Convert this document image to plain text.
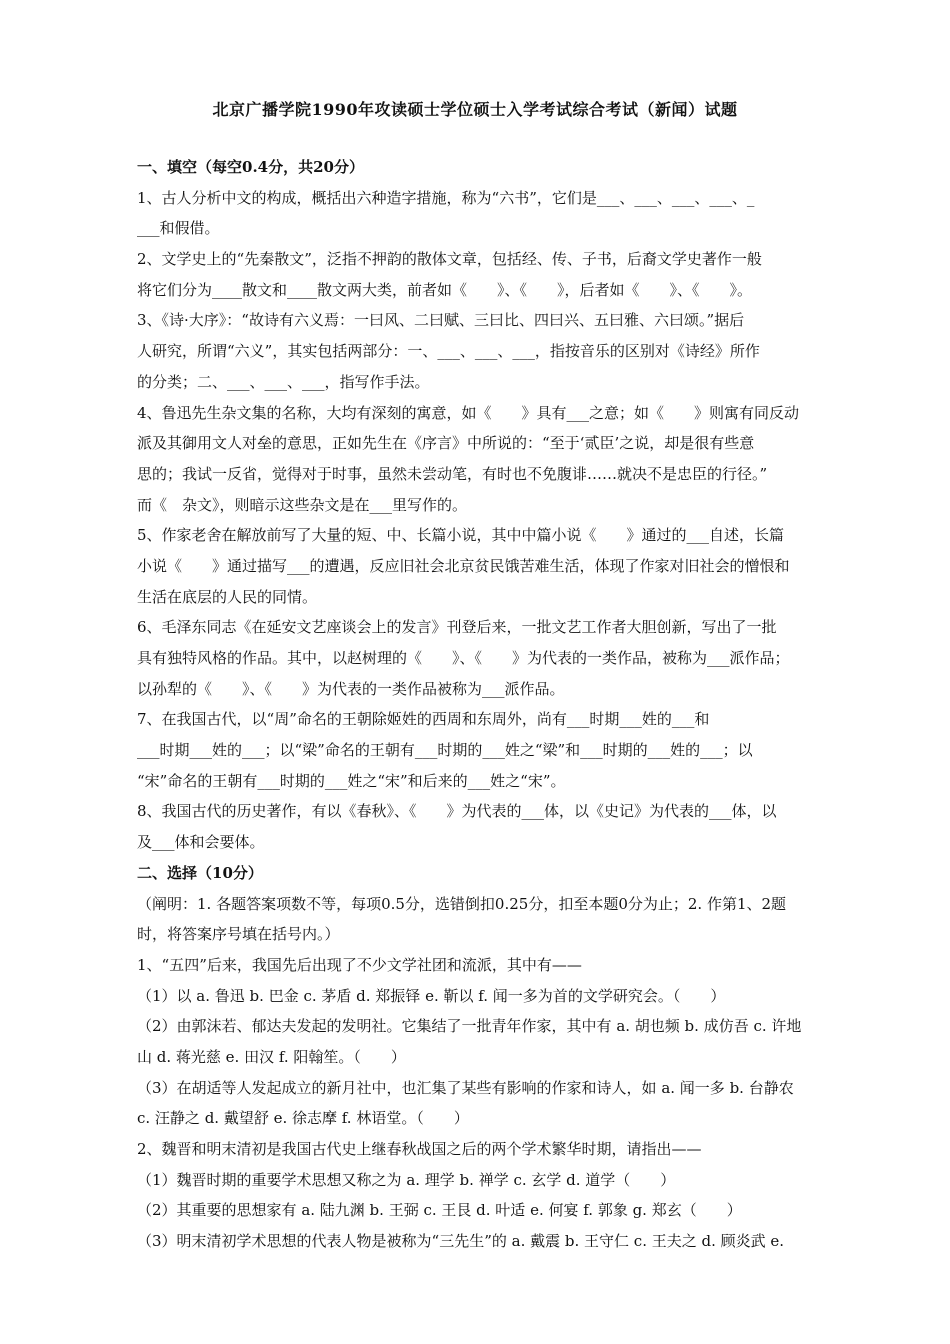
北京广播学院1990年攻读硕士学位硕士入学考试综合考试（新闻）试题
一、填空（每空0.4分，共20分）
1、古人分析中文的构成，概括出六种造字措施，称为“六书”，它们是___、___、___、___、_
___和假借。
2、文学史上的“先秦散文”，泛指不押韵的散体文章，包括经、传、子书，后裔文学史著作一般
将它们分为____散文和____散文两大类，前者如《　　》、《　　》，后者如《　　》、《　　》。
3、《诗·大序》：“故诗有六义焉：一曰风、二曰赋、三曰比、四曰兴、五曰雅、六曰颂。”据后
人研究，所谓“六义”，其实包括两部分：一、___、___、___，指按音乐的区别对《诗经》所作
的分类；二、___、___、___，指写作手法。
4、鲁迅先生杂文集的名称，大均有深刻的寓意，如《　　》具有___之意；如《　　》则寓有同反动
派及其御用文人对垒的意思，正如先生在《序言》中所说的：“至于‘贰臣’之说，却是很有些意
思的；我试一反省，觉得对于时事，虽然未尝动笔，有时也不免腹诽……就决不是忠臣的行径。”
而《　杂文》，则暗示这些杂文是在___里写作的。
5、作家老舍在解放前写了大量的短、中、长篇小说，其中中篇小说《　　》通过的___自述，长篇
小说《　　》通过描写___的遭遇，反应旧社会北京贫民饿苦难生活，体现了作家对旧社会的憎恨和
生活在底层的人民的同情。
6、毛泽东同志《在延安文艺座谈会上的发言》刊登后来，一批文艺工作者大胆创新，写出了一批
具有独特风格的作品。其中，以赵树理的《　　》、《　　》为代表的一类作品，被称为___派作品；
以孙犁的《　　》、《　　》为代表的一类作品被称为___派作品。
7、在我国古代，以“周”命名的王朝除姬姓的西周和东周外，尚有___时期___姓的___和
___时期___姓的___；以“梁”命名的王朝有___时期的___姓之“梁”和___时期的___姓的___；以
“宋”命名的王朝有___时期的___姓之“宋”和后来的___姓之“宋”。
8、我国古代的历史著作，有以《春秋》、《　　》为代表的___体，以《史记》为代表的___体，以
及___体和会要体。
二、选择（10分）
（阐明：1. 各题答案项数不等，每项0.5分，选错倒扣0.25分，扣至本题0分为止；2. 作第1、2题
时，将答案序号填在括号内。）
1、“五四”后来，我国先后出现了不少文学社团和流派，其中有——
（1）以 a. 鲁迅 b. 巴金 c. 茅盾 d. 郑振铎 e. 靳以 f. 闻一多为首的文学研究会。（　　）
（2）由郭沫若、郁达夫发起的发明社。它集结了一批青年作家，其中有 a. 胡也频 b. 成仿吾 c. 许地
山 d. 蒋光慈 e. 田汉 f. 阳翰笙。（　　）
（3）在胡适等人发起成立的新月社中，也汇集了某些有影响的作家和诗人，如 a. 闻一多 b. 台静农
c. 汪静之 d. 戴望舒 e. 徐志摩 f. 林语堂。（　　）
2、魏晋和明末清初是我国古代史上继春秋战国之后的两个学术繁华时期，请指出——
（1）魏晋时期的重要学术思想又称之为 a. 理学 b. 禅学 c. 玄学 d. 道学（　　）
（2）其重要的思想家有 a. 陆九渊 b. 王弼 c. 王艮 d. 叶适 e. 何宴 f. 郭象 g. 郑玄（　　）
（3）明末清初学术思想的代表人物是被称为“三先生”的 a. 戴震 b. 王守仁 c. 王夫之 d. 顾炎武 e.
